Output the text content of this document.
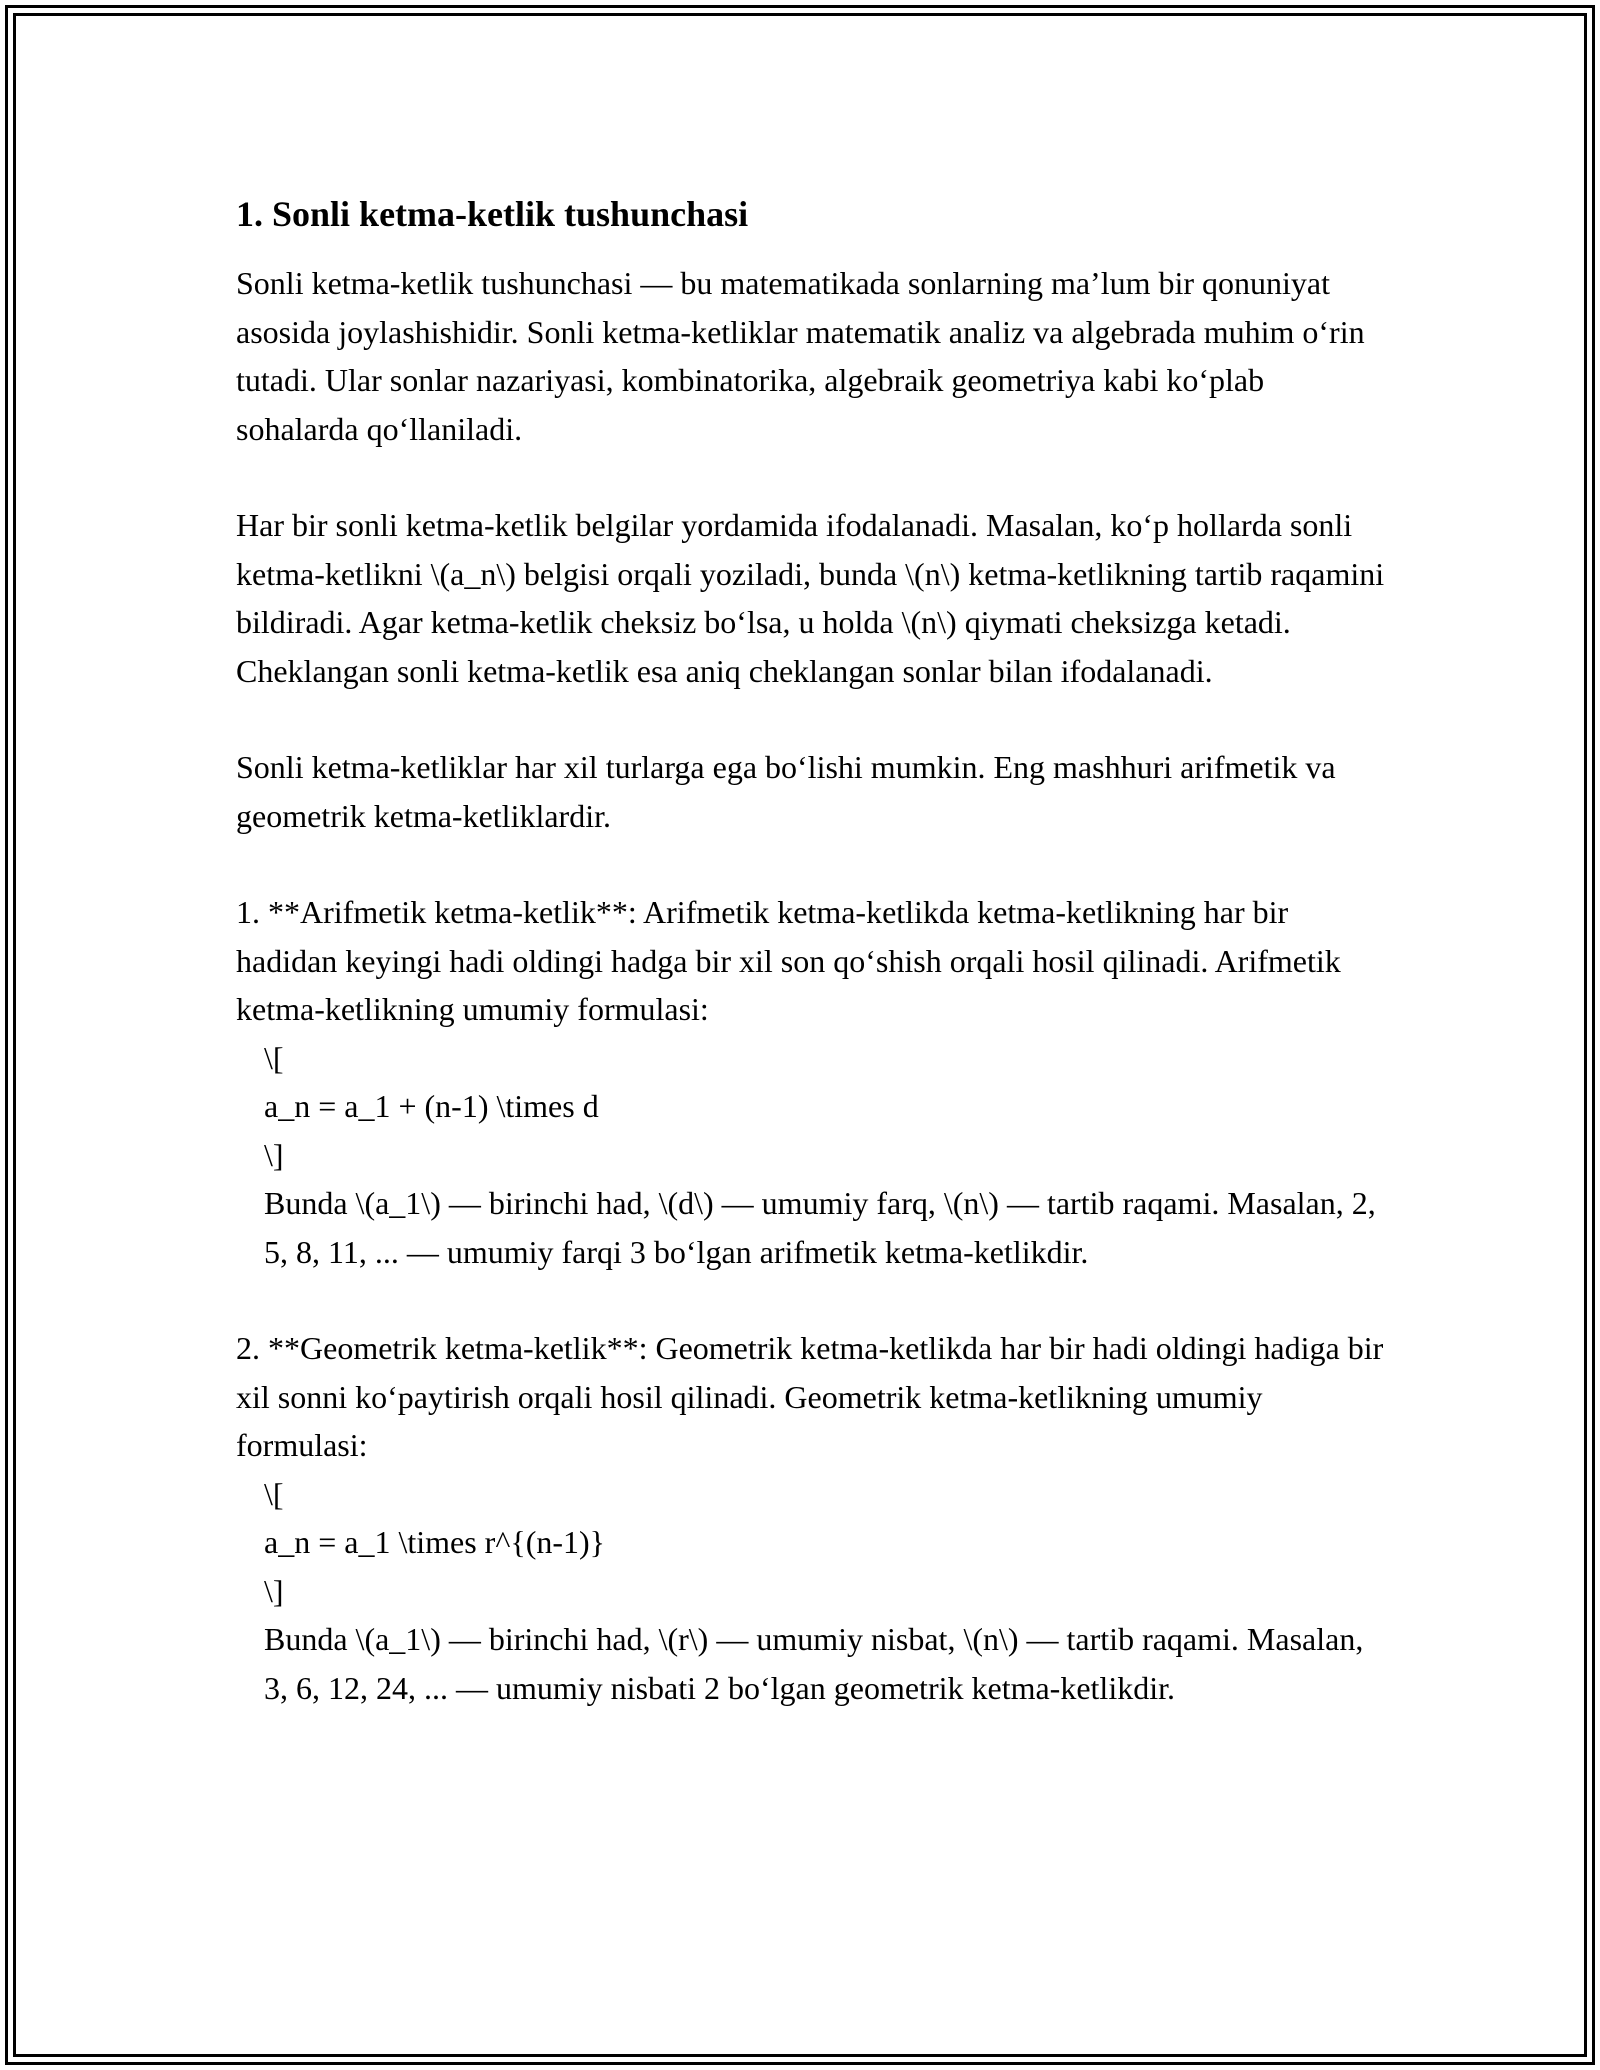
1. Sonli ketma-ketlik tushunchasi

Sonli ketma-ketlik tushunchasi — bu matematikada sonlarning maʼlum bir qonuniyat asosida joylashishidir. Sonli ketma-ketliklar matematik analiz va algebrada muhim oʻrin tutadi. Ular sonlar nazariyasi, kombinatorika, algebraik geometriya kabi koʻplab sohalarda qoʻllaniladi.

Har bir sonli ketma-ketlik belgilar yordamida ifodalanadi. Masalan, koʻp hollarda sonli ketma-ketlikni \(a_n\) belgisi orqali yoziladi, bunda \(n\) ketma-ketlikning tartib raqamini bildiradi. Agar ketma-ketlik cheksiz boʻlsa, u holda \(n\) qiymati cheksizga ketadi. Cheklangan sonli ketma-ketlik esa aniq cheklangan sonlar bilan ifodalanadi.

Sonli ketma-ketliklar har xil turlarga ega boʻlishi mumkin. Eng mashhuri arifmetik va geometrik ketma-ketliklardir.

1. **Arifmetik ketma-ketlik**: Arifmetik ketma-ketlikda ketma-ketlikning har bir hadidan keyingi hadi oldingi hadga bir xil son qoʻshish orqali hosil qilinadi. Arifmetik ketma-ketlikning umumiy formulasi:

\[

a_n = a_1 + (n-1) \times d

\]

Bunda \(a_1\) — birinchi had, \(d\) — umumiy farq, \(n\) — tartib raqami. Masalan, 2, 5, 8, 11, ... — umumiy farqi 3 boʻlgan arifmetik ketma-ketlikdir.

2. **Geometrik ketma-ketlik**: Geometrik ketma-ketlikda har bir hadi oldingi hadiga bir xil sonni koʻpaytirish orqali hosil qilinadi. Geometrik ketma-ketlikning umumiy formulasi:

\[

a_n = a_1 \times r^{(n-1)}

\]

Bunda \(a_1\) — birinchi had, \(r\) — umumiy nisbat, \(n\) — tartib raqami. Masalan, 3, 6, 12, 24, ... — umumiy nisbati 2 boʻlgan geometrik ketma-ketlikdir.
